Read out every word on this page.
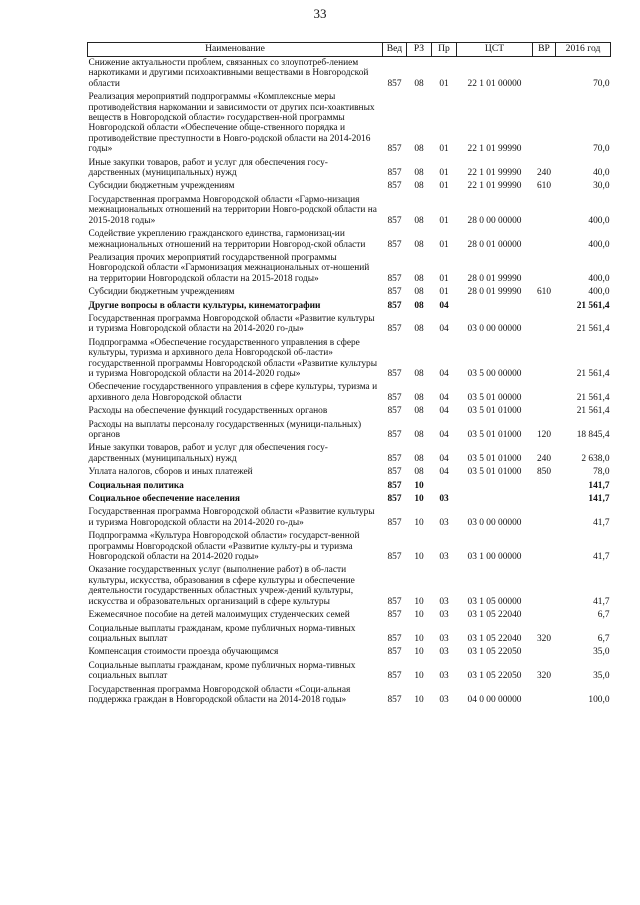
33
Наименование	Вед	РЗ	Пр	ЦСТ	ВР	2016 год
Снижение актуальности проблем, связанных со злоупотреб-лением наркотиками и другими психоактивными веществами в Новгородской области	857	08	01	22 1 01 00000		70,0
Реализация мероприятий подпрограммы «Комплексные меры противодействия наркомании и зависимости от других пси-хоактивных веществ в Новгородской области» государствен-ной программы Новгородской области «Обеспечение обще-ственного порядка и противодействие преступности в Новго-родской области на 2014-2016 годы»	857	08	01	22 1 01 99990		70,0
Иные закупки товаров, работ и услуг для обеспечения госу-дарственных (муниципальных) нужд	857	08	01	22 1 01 99990	240	40,0
Субсидии бюджетным учреждениям	857	08	01	22 1 01 99990	610	30,0
Государственная программа Новгородской области «Гармо-низация межнациональных отношений на территории Новго-родской области на 2015-2018 годы»	857	08	01	28 0 00 00000		400,0
Содействие укреплению гражданского единства, гармонизац-ии межнациональных отношений на территории Новгород-ской области	857	08	01	28 0 01 00000		400,0
Реализация прочих мероприятий государственной программы Новгородской области «Гармонизация межнациональных от-ношений на территории Новгородской области на 2015-2018 годы»	857	08	01	28 0 01 99990		400,0
Субсидии бюджетным учреждениям	857	08	01	28 0 01 99990	610	400,0
Другие вопросы в области культуры, кинематографии	857	08	04			21 561,4
Государственная программа Новгородской области «Развитие культуры и туризма Новгородской области на 2014-2020 го-ды»	857	08	04	03 0 00 00000		21 561,4
Подпрограмма «Обеспечение государственного управления в сфере культуры, туризма и архивного дела Новгородской об-ласти» государственной программы Новгородской области «Развитие культуры и туризма Новгородской области на 2014-2020 годы»	857	08	04	03 5 00 00000		21 561,4
Обеспечение государственного управления в сфере культуры, туризма и архивного дела Новгородской области	857	08	04	03 5 01 00000		21 561,4
Расходы на обеспечение функций государственных органов	857	08	04	03 5 01 01000		21 561,4
Расходы на выплаты персоналу государственных (муници-пальных) органов	857	08	04	03 5 01 01000	120	18 845,4
Иные закупки товаров, работ и услуг для обеспечения госу-дарственных (муниципальных) нужд	857	08	04	03 5 01 01000	240	2 638,0
Уплата налогов, сборов и иных платежей	857	08	04	03 5 01 01000	850	78,0
Социальная политика	857	10				141,7
Социальное обеспечение населения	857	10	03			141,7
Государственная программа Новгородской области «Развитие культуры и туризма Новгородской области на 2014-2020 го-ды»	857	10	03	03 0 00 00000		41,7
Подпрограмма «Культура Новгородской области» государст-венной программы Новгородской области «Развитие культу-ры и туризма Новгородской области на 2014-2020 годы»	857	10	03	03 1 00 00000		41,7
Оказание государственных услуг (выполнение работ) в об-ласти культуры, искусства, образования в сфере культуры и обеспечение деятельности государственных областных учреж-дений культуры, искусства и образовательных организаций в сфере культуры	857	10	03	03 1 05 00000		41,7
Ежемесячное пособие на детей малоимущих студенческих семей	857	10	03	03 1 05 22040		6,7
Социальные выплаты гражданам, кроме публичных норма-тивных социальных выплат	857	10	03	03 1 05 22040	320	6,7
Компенсация стоимости проезда обучающимся	857	10	03	03 1 05 22050		35,0
Социальные выплаты гражданам, кроме публичных норма-тивных социальных выплат	857	10	03	03 1 05 22050	320	35,0
Государственная программа Новгородской области «Соци-альная поддержка граждан в Новгородской области на 2014-2018 годы»	857	10	03	04 0 00 00000		100,0
